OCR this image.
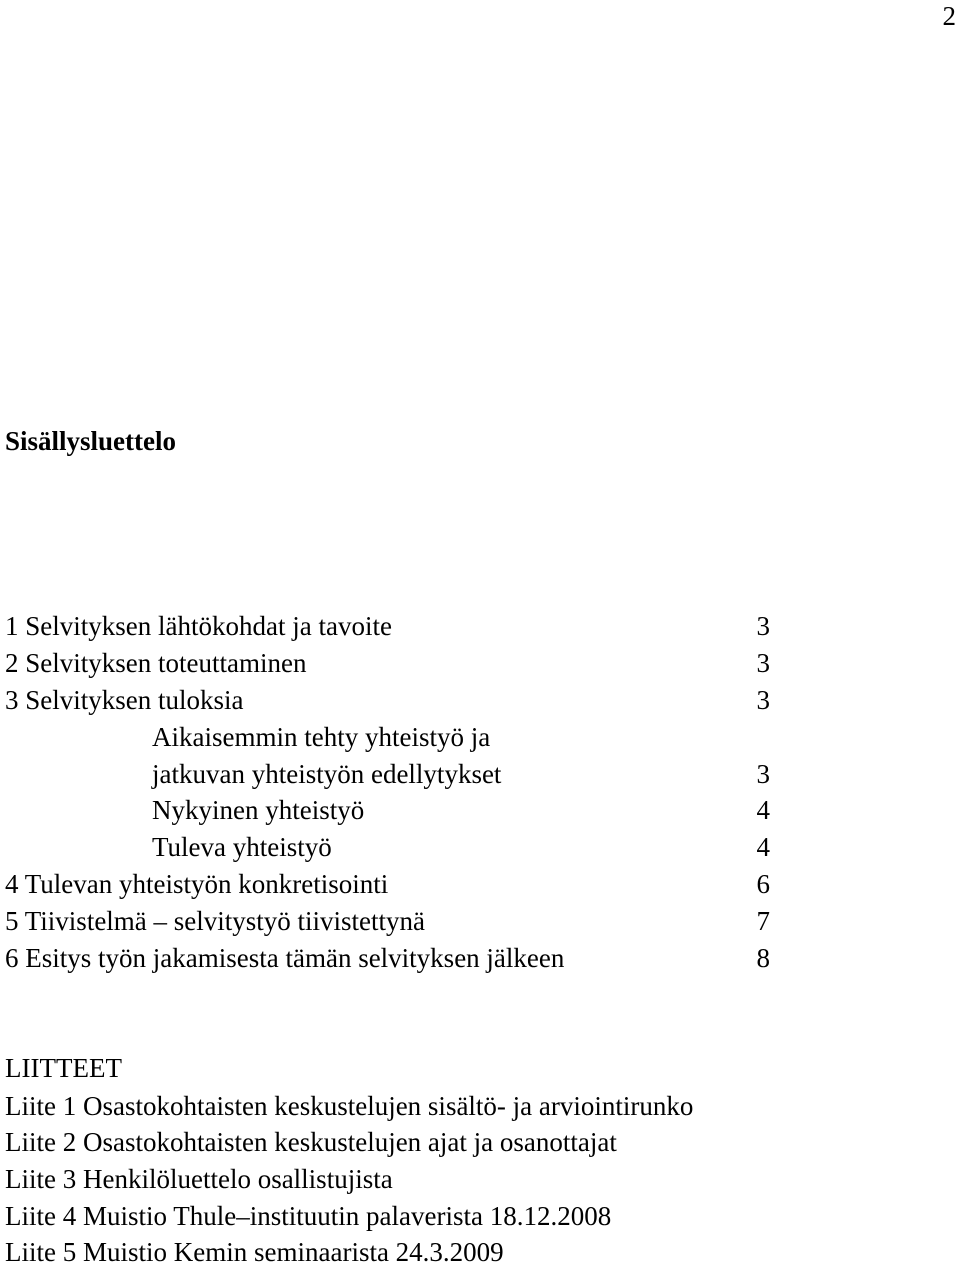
2
Sisällysluettelo
1 Selvityksen lähtökohdat ja tavoite	3
2 Selvityksen toteuttaminen	3
3 Selvityksen tuloksia	3
Aikaisemmin tehty yhteistyö ja
jatkuvan yhteistyön edellytykset	3
Nykyinen yhteistyö	4
Tuleva yhteistyö	4
4 Tulevan yhteistyön konkretisointi	6
5 Tiivistelmä – selvitystyö tiivistettynä	7
6 Esitys työn jakamisesta tämän selvityksen jälkeen	8
LIITTEET
Liite 1 Osastokohtaisten keskustelujen sisältö- ja arviointirunko
Liite 2 Osastokohtaisten keskustelujen ajat ja osanottajat
Liite 3 Henkilöluettelo osallistujista
Liite 4 Muistio Thule–instituutin palaverista 18.12.2008
Liite 5 Muistio Kemin seminaarista 24.3.2009
